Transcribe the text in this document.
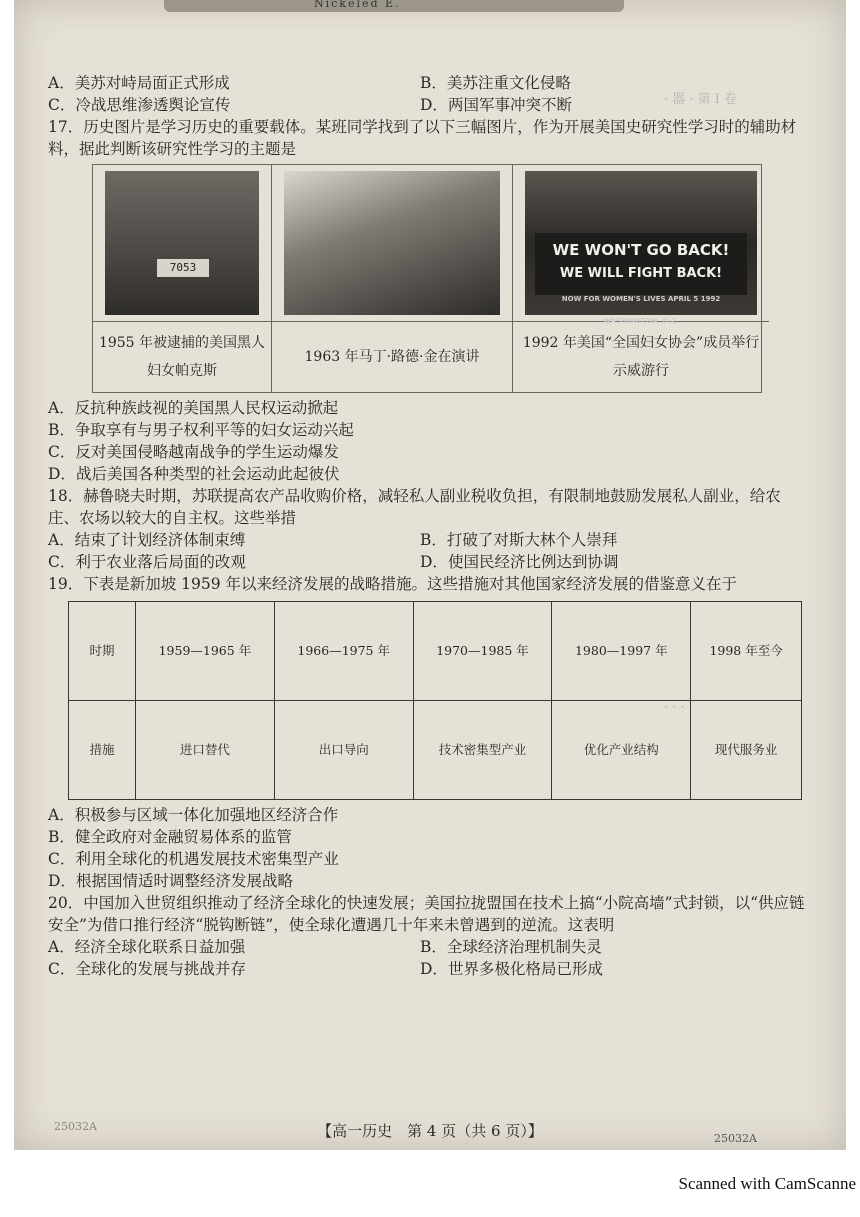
Nickeled E.
· 器 · 第 I 卷
· · ·
A．美苏对峙局面正式形成	B．美苏注重文化侵略
C．冷战思维渗透舆论宣传	D．两国军事冲突不断
17．历史图片是学习历史的重要载体。某班同学找到了以下三幅图片，作为开展美国史研究性学习时的辅助材料，据此判断该研究性学习的主题是
7053
1955 年被逮捕的美国黑人妇女帕克斯
1963 年马丁·路德·金在演讲
WE WON'T GO BACK!
WE WILL FIGHT BACK!
NOW FOR WOMEN'S LIVES APRIL 5 1992 WASHINGTON, D.C.
1992 年美国“全国妇女协会”成员举行示威游行
A．反抗种族歧视的美国黑人民权运动掀起
B．争取享有与男子权利平等的妇女运动兴起
C．反对美国侵略越南战争的学生运动爆发
D．战后美国各种类型的社会运动此起彼伏
18．赫鲁晓夫时期，苏联提高农产品收购价格，减轻私人副业税收负担，有限制地鼓励发展私人副业，给农庄、农场以较大的自主权。这些举措
A．结束了计划经济体制束缚	B．打破了对斯大林个人崇拜
C．利于农业落后局面的改观	D．使国民经济比例达到协调
19．下表是新加坡 1959 年以来经济发展的战略措施。这些措施对其他国家经济发展的借鉴意义在于
时期	1959—1965 年	1966—1975 年	1970—1985 年	1980—1997 年	1998 年至今
措施	进口替代	出口导向	技术密集型产业	优化产业结构	现代服务业
A．积极参与区域一体化加强地区经济合作
B．健全政府对金融贸易体系的监管
C．利用全球化的机遇发展技术密集型产业
D．根据国情适时调整经济发展战略
20．中国加入世贸组织推动了经济全球化的快速发展；美国拉拢盟国在技术上搞“小院高墙”式封锁，以“供应链安全”为借口推行经济“脱钩断链”，使全球化遭遇几十年来未曾遇到的逆流。这表明
A．经济全球化联系日益加强	B．全球经济治理机制失灵
C．全球化的发展与挑战并存	D．世界多极化格局已形成
25032A	【高一历史　第 4 页（共 6 页）】	25032A
Scanned with CamScanne
